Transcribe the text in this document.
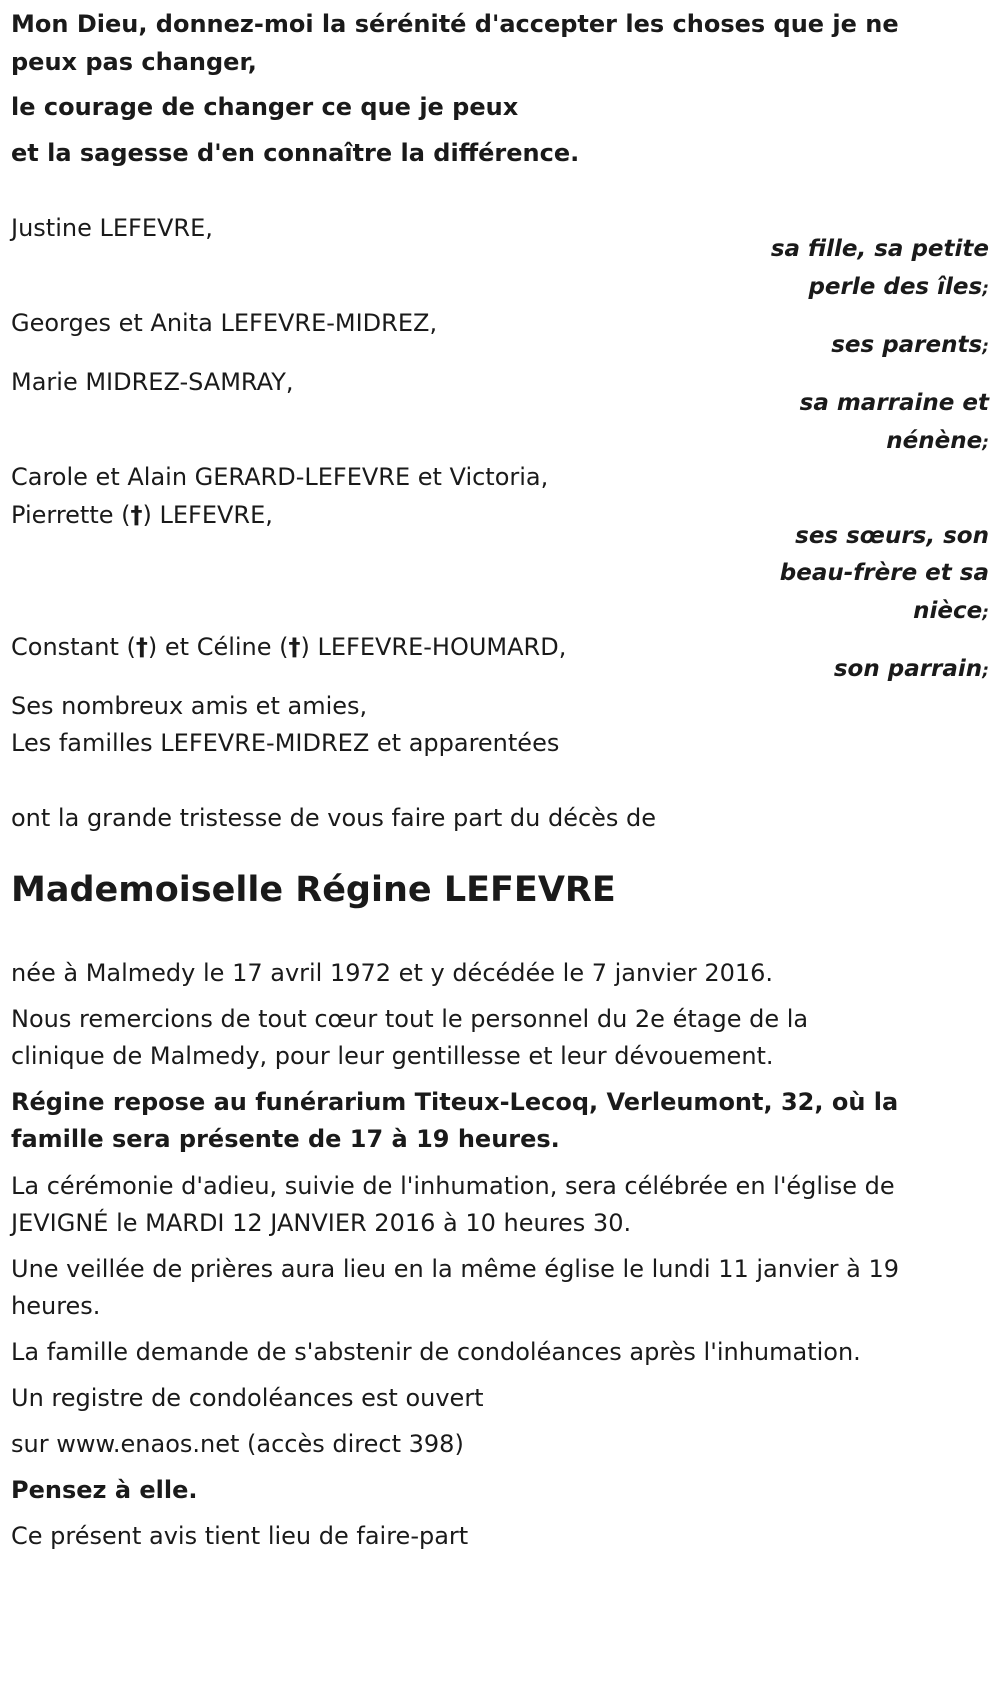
Mon Dieu, donnez-moi la sérénité d'accepter les choses que je ne

peux pas changer,

le courage de changer ce que je peux

et la sagesse d'en connaître la différence.

Justine LEFEVRE,

sa fille, sa petite

perle des îles;

Georges et Anita LEFEVRE-MIDREZ,

ses parents;

Marie MIDREZ-SAMRAY,

sa marraine et

nénène;

Carole et Alain GERARD-LEFEVRE et Victoria,

Pierrette (†) LEFEVRE,

ses sœurs, son

beau-frère et sa

nièce;

Constant (†) et Céline (†) LEFEVRE-HOUMARD,

son parrain;

Ses nombreux amis et amies,

Les familles LEFEVRE-MIDREZ et apparentées

ont la grande tristesse de vous faire part du décès de

Mademoiselle Régine LEFEVRE

née à Malmedy le 17 avril 1972 et y décédée le 7 janvier 2016.

Nous remercions de tout cœur tout le personnel du 2e étage de la

clinique de Malmedy, pour leur gentillesse et leur dévouement.

Régine repose au funérarium Titeux-Lecoq, Verleumont, 32, où la

famille sera présente de 17 à 19 heures.

La cérémonie d'adieu, suivie de l'inhumation, sera célébrée en l'église de

JEVIGNÉ le MARDI 12 JANVIER 2016 à 10 heures 30.

Une veillée de prières aura lieu en la même église le lundi 11 janvier à 19

heures.

La famille demande de s'abstenir de condoléances après l'inhumation.

Un registre de condoléances est ouvert

sur www.enaos.net (accès direct 398)

Pensez à elle.

Ce présent avis tient lieu de faire-part
